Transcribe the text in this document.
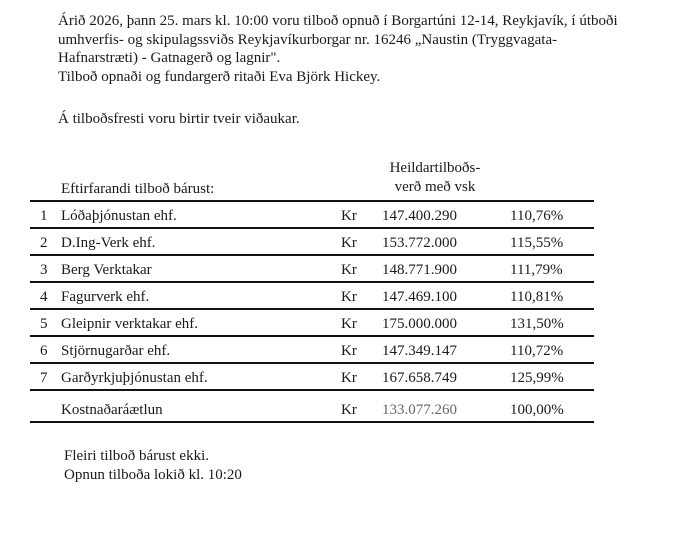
Árið 2026, þann 25. mars kl. 10:00 voru tilboð opnuð í Borgartúni 12-14, Reykjavík, í útboði

umhverfis- og skipulagssviðs Reykjavíkurborgar nr. 16246 „Naustin (Tryggvagata-

Hafnarstræti) - Gatnagerð og lagnir".

Tilboð opnaði og fundargerð ritaði Eva Björk Hickey.

Á tilboðsfresti voru birtir tveir viðaukar.
Eftirfarandi tilboð bárust:
Heildartilboðs-
verð með vsk
1 Lóðaþjónustan ehf.	Kr 147.400.290	110,76%
2 D.Ing-Verk ehf.	Kr 153.772.000	115,55%
3 Berg Verktakar	Kr 148.771.900	111,79%
4 Fagurverk ehf.	Kr 147.469.100	110,81%
5 Gleipnir verktakar ehf.	Kr 175.000.000	131,50%
6 Stjörnugarðar ehf.	Kr 147.349.147	110,72%
7 Garðyrkjuþjónustan ehf.	Kr 167.658.749	125,99%
Kostnaðaráætlun	Kr 133.077.260	100,00%

Fleiri tilboð bárust ekki.

Opnun tilboða lokið kl. 10:20
